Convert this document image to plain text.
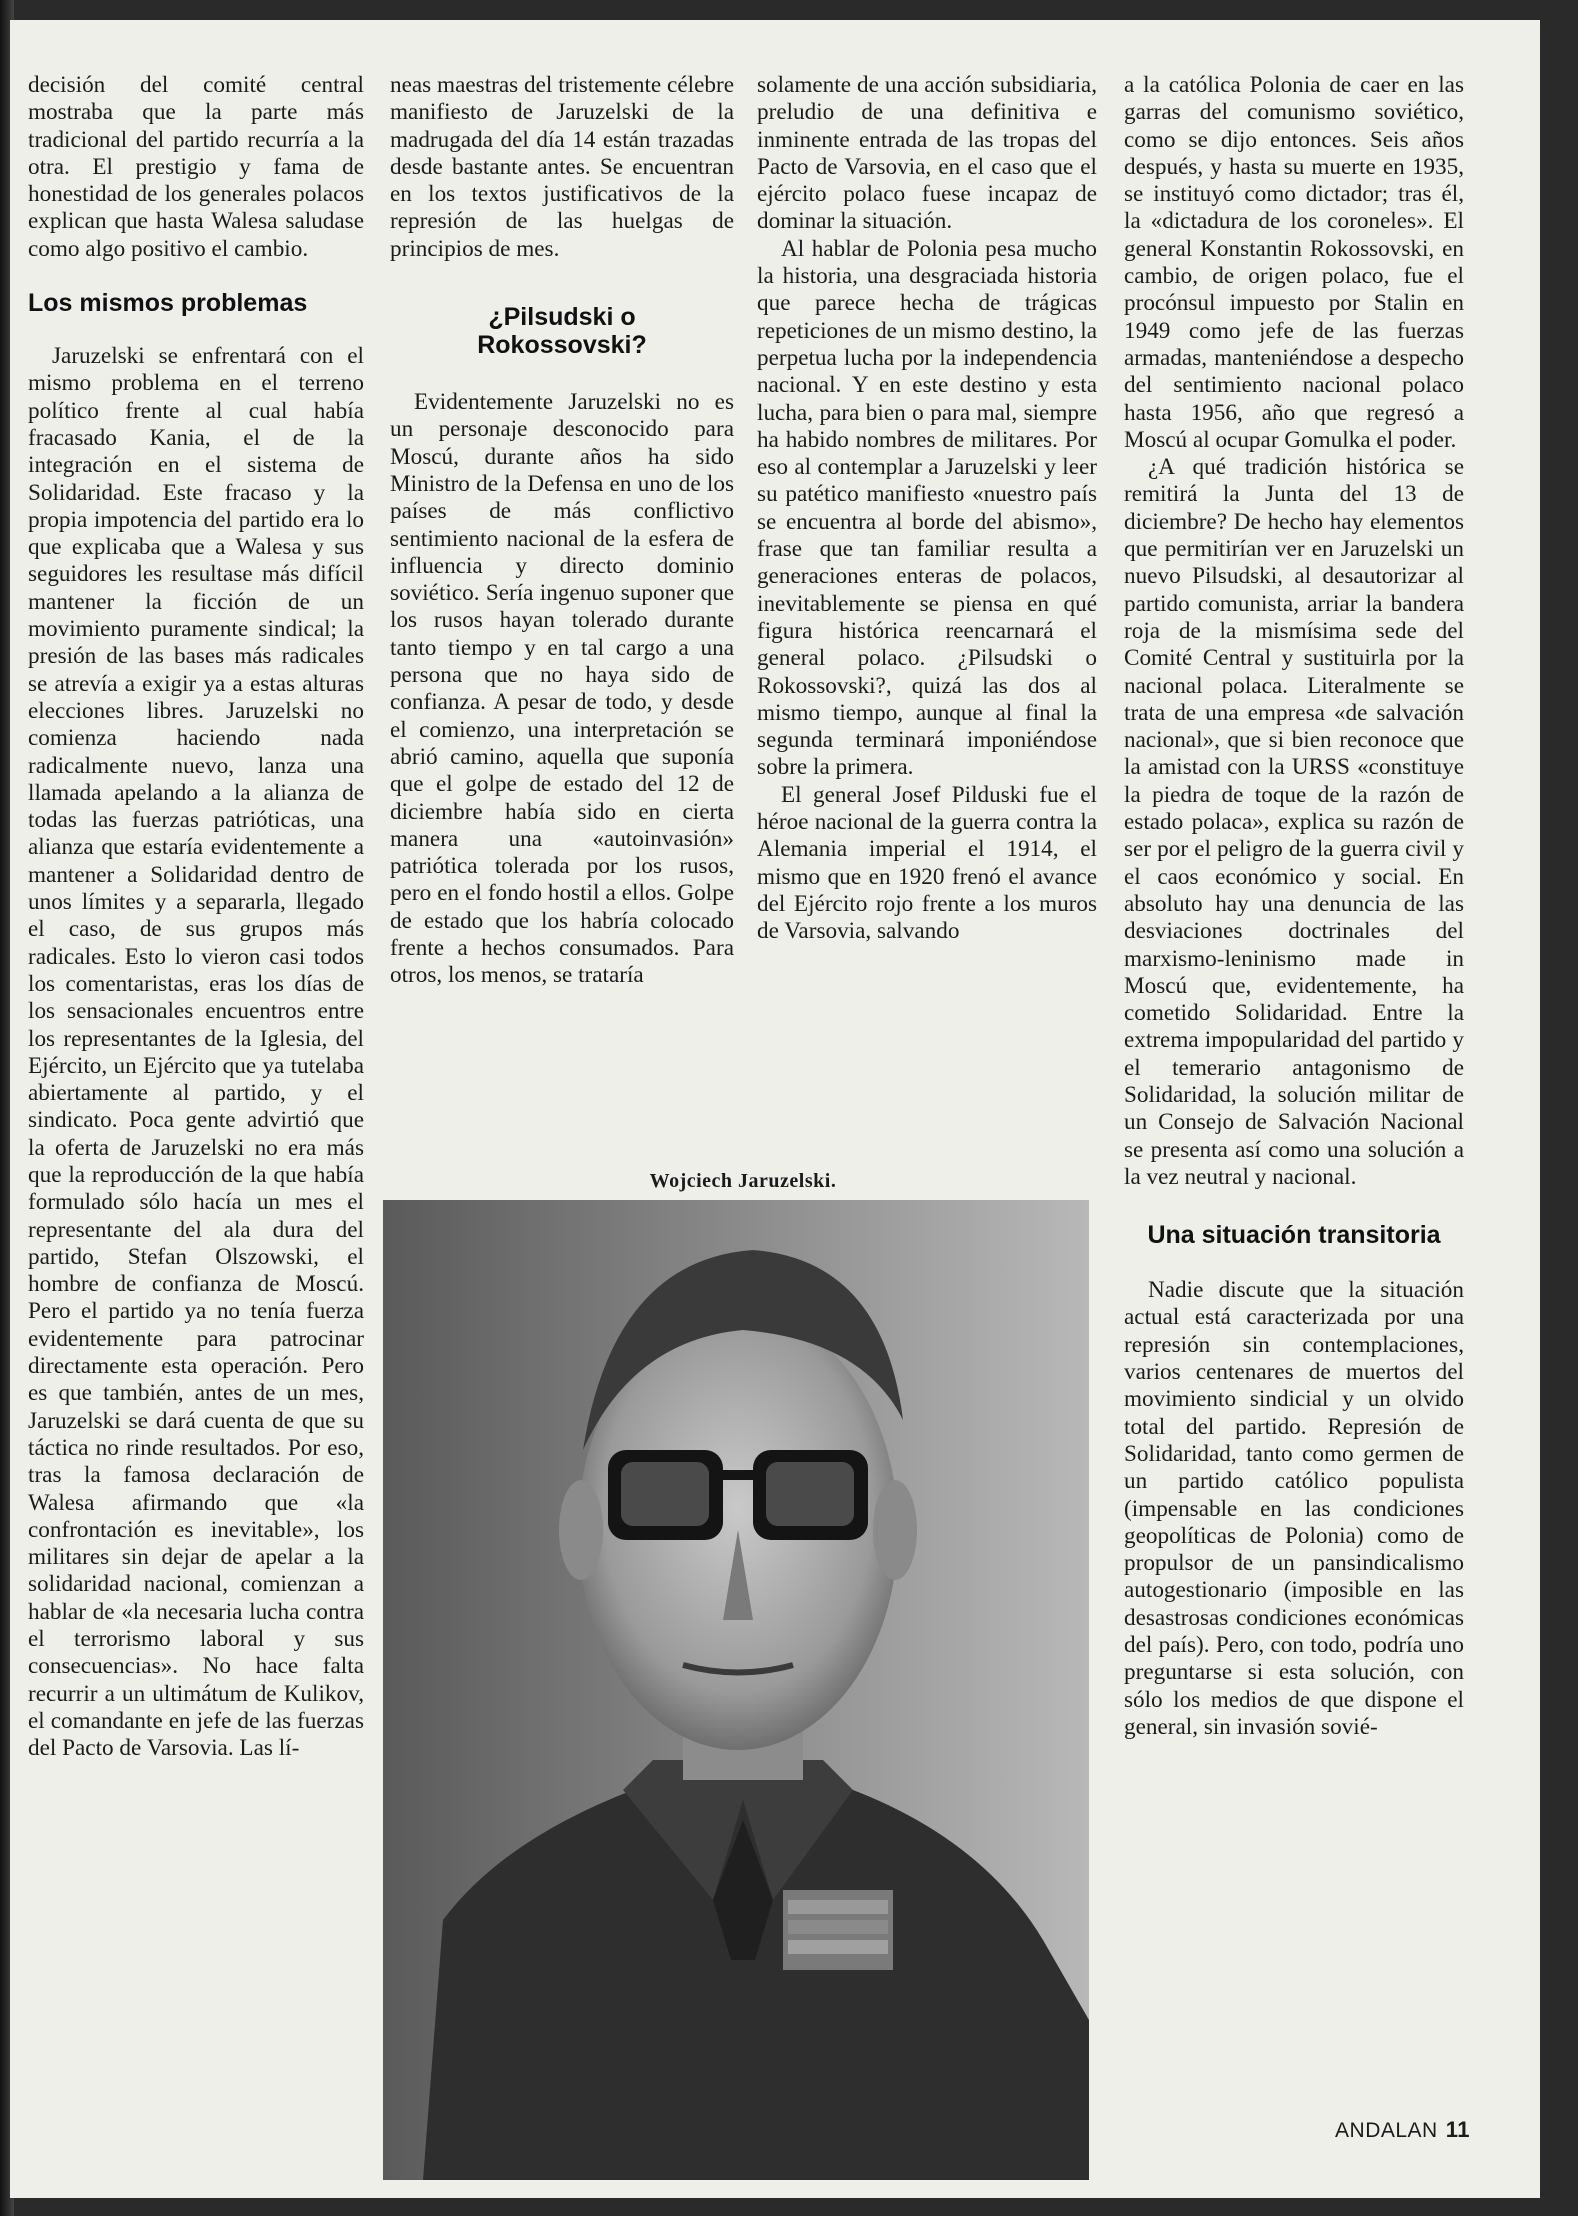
decisión del comité central mostraba que la parte más tradicional del partido recurría a la otra. El prestigio y fama de honestidad de los generales polacos explican que hasta Walesa saludase como algo positivo el cambio.

Los mismos problemas

Jaruzelski se enfrentará con el mismo problema en el terreno político frente al cual había fracasado Kania, el de la integración en el sistema de Solidaridad. Este fracaso y la propia impotencia del partido era lo que explicaba que a Walesa y sus seguidores les resultase más difícil mantener la ficción de un movimiento puramente sindical; la presión de las bases más radicales se atrevía a exigir ya a estas alturas elecciones libres. Jaruzelski no comienza haciendo nada radicalmente nuevo, lanza una llamada apelando a la alianza de todas las fuerzas patrióticas, una alianza que estaría evidentemente a mantener a Solidaridad dentro de unos límites y a separarla, llegado el caso, de sus grupos más radicales. Esto lo vieron casi todos los comentaristas, eras los días de los sensacionales encuentros entre los representantes de la Iglesia, del Ejército, un Ejército que ya tutelaba abiertamente al partido, y el sindicato. Poca gente advirtió que la oferta de Jaruzelski no era más que la reproducción de la que había formulado sólo hacía un mes el representante del ala dura del partido, Stefan Olszowski, el hombre de confianza de Moscú. Pero el partido ya no tenía fuerza evidentemente para patrocinar directamente esta operación. Pero es que también, antes de un mes, Jaruzelski se dará cuenta de que su táctica no rinde resultados. Por eso, tras la famosa declaración de Walesa afirmando que «la confrontación es inevitable», los militares sin dejar de apelar a la solidaridad nacional, comienzan a hablar de «la necesaria lucha contra el terrorismo laboral y sus consecuencias». No hace falta recurrir a un ultimátum de Kulikov, el comandante en jefe de las fuerzas del Pacto de Varsovia. Las lí-

neas maestras del tristemente célebre manifiesto de Jaruzelski de la madrugada del día 14 están trazadas desde bastante antes. Se encuentran en los textos justificativos de la represión de las huelgas de principios de mes.

¿Pilsudski o Rokossovski?

Evidentemente Jaruzelski no es un personaje desconocido para Moscú, durante años ha sido Ministro de la Defensa en uno de los países de más conflictivo sentimiento nacional de la esfera de influencia y directo dominio soviético. Sería ingenuo suponer que los rusos hayan tolerado durante tanto tiempo y en tal cargo a una persona que no haya sido de confianza. A pesar de todo, y desde el comienzo, una interpretación se abrió camino, aquella que suponía que el golpe de estado del 12 de diciembre había sido en cierta manera una «autoinvasión» patriótica tolerada por los rusos, pero en el fondo hostil a ellos. Golpe de estado que los habría colocado frente a hechos consumados. Para otros, los menos, se trataría

solamente de una acción subsidiaria, preludio de una definitiva e inminente entrada de las tropas del Pacto de Varsovia, en el caso que el ejército polaco fuese incapaz de dominar la situación.

Al hablar de Polonia pesa mucho la historia, una desgraciada historia que parece hecha de trágicas repeticiones de un mismo destino, la perpetua lucha por la independencia nacional. Y en este destino y esta lucha, para bien o para mal, siempre ha habido nombres de militares. Por eso al contemplar a Jaruzelski y leer su patético manifiesto «nuestro país se encuentra al borde del abismo», frase que tan familiar resulta a generaciones enteras de polacos, inevitablemente se piensa en qué figura histórica reencarnará el general polaco. ¿Pilsudski o Rokossovski?, quizá las dos al mismo tiempo, aunque al final la segunda terminará imponiéndose sobre la primera.

El general Josef Pilduski fue el héroe nacional de la guerra contra la Alemania imperial el 1914, el mismo que en 1920 frenó el avance del Ejército rojo frente a los muros de Varsovia, salvando

a la católica Polonia de caer en las garras del comunismo soviético, como se dijo entonces. Seis años después, y hasta su muerte en 1935, se instituyó como dictador; tras él, la «dictadura de los coroneles». El general Konstantin Rokossovski, en cambio, de origen polaco, fue el procónsul impuesto por Stalin en 1949 como jefe de las fuerzas armadas, manteniéndose a despecho del sentimiento nacional polaco hasta 1956, año que regresó a Moscú al ocupar Gomulka el poder.

¿A qué tradición histórica se remitirá la Junta del 13 de diciembre? De hecho hay elementos que permitirían ver en Jaruzelski un nuevo Pilsudski, al desautorizar al partido comunista, arriar la bandera roja de la mismísima sede del Comité Central y sustituirla por la nacional polaca. Literalmente se trata de una empresa «de salvación nacional», que si bien reconoce que la amistad con la URSS «constituye la piedra de toque de la razón de estado polaca», explica su razón de ser por el peligro de la guerra civil y el caos económico y social. En absoluto hay una denuncia de las desviaciones doctrinales del marxismo-leninismo made in Moscú que, evidentemente, ha cometido Solidaridad. Entre la extrema impopularidad del partido y el temerario antagonismo de Solidaridad, la solución militar de un Consejo de Salvación Nacional se presenta así como una solución a la vez neutral y nacional.

Una situación transitoria

Nadie discute que la situación actual está caracterizada por una represión sin contemplaciones, varios centenares de muertos del movimiento sindicial y un olvido total del partido. Represión de Solidaridad, tanto como germen de un partido católico populista (impensable en las condiciones geopolíticas de Polonia) como de propulsor de un pansindicalismo autogestionario (imposible en las desastrosas condiciones económicas del país). Pero, con todo, podría uno preguntarse si esta solución, con sólo los medios de que dispone el general, sin invasión sovié-

Wojciech Jaruzelski.
ANDALAN 11
